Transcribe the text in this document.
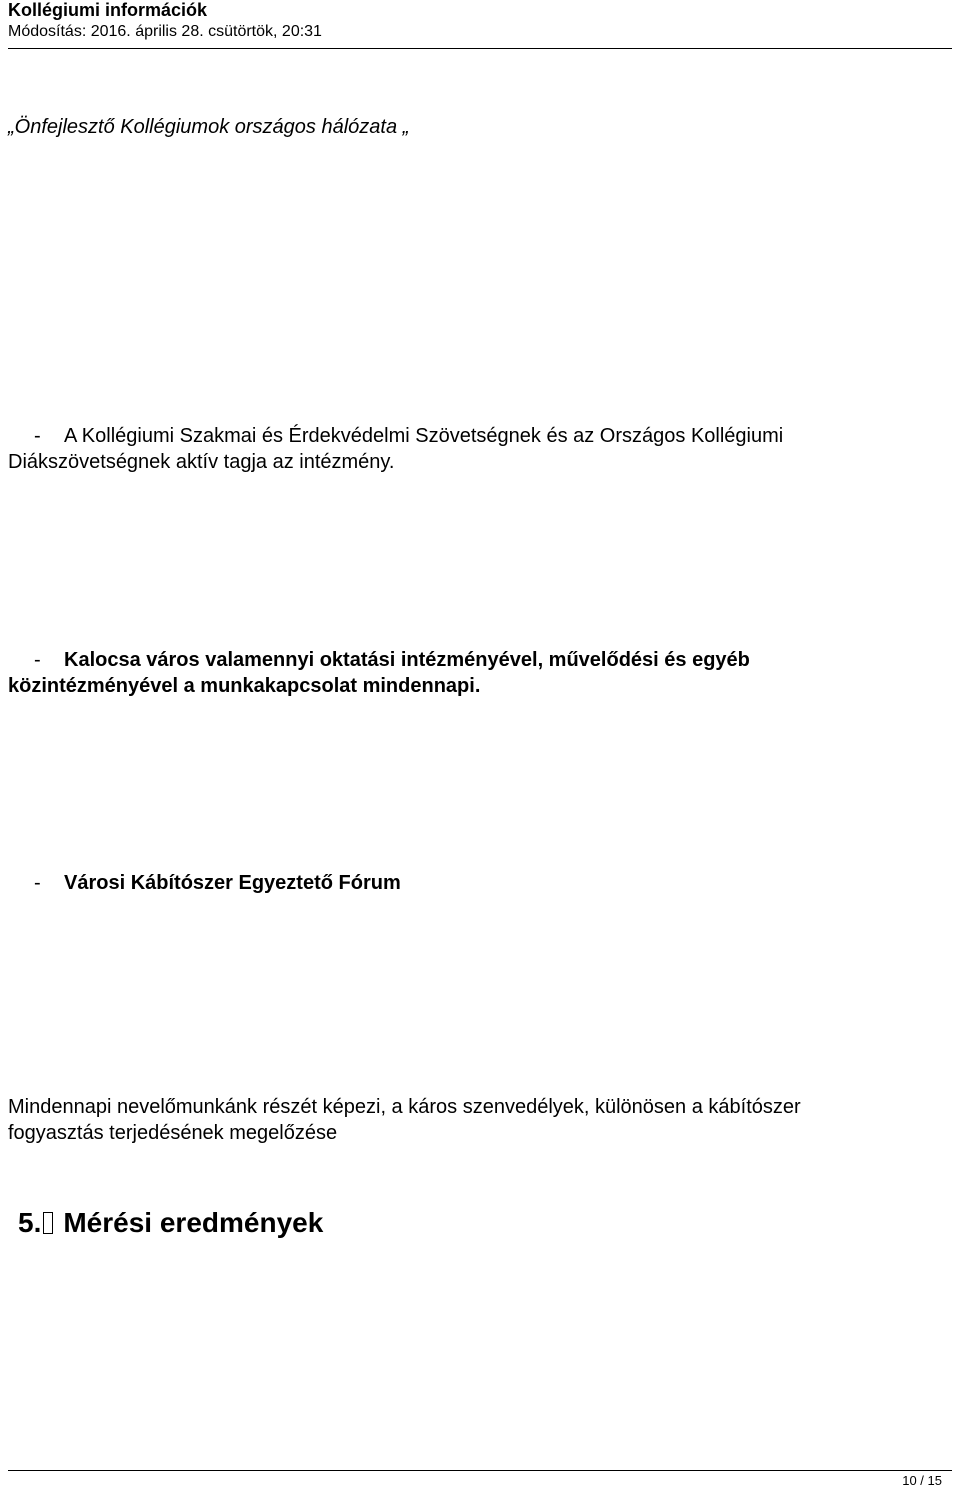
Kollégiumi információk
Módosítás: 2016. április 28. csütörtök, 20:31
„Önfejlesztő Kollégiumok országos hálózata „
- A Kollégiumi Szakmai és Érdekvédelmi Szövetségnek és az Országos Kollégiumi
Diákszövetségnek aktív tagja az intézmény.
- Kalocsa város valamennyi oktatási intézményével, művelődési és egyéb
közintézményével a munkakapcsolat mindennapi.
- Városi Kábítószer Egyeztető Fórum
Mindennapi nevelőmunkánk részét képezi, a káros szenvedélyek, különösen a kábítószer
fogyasztás terjedésének megelőzése
5. Mérési eredmények
10 / 15
